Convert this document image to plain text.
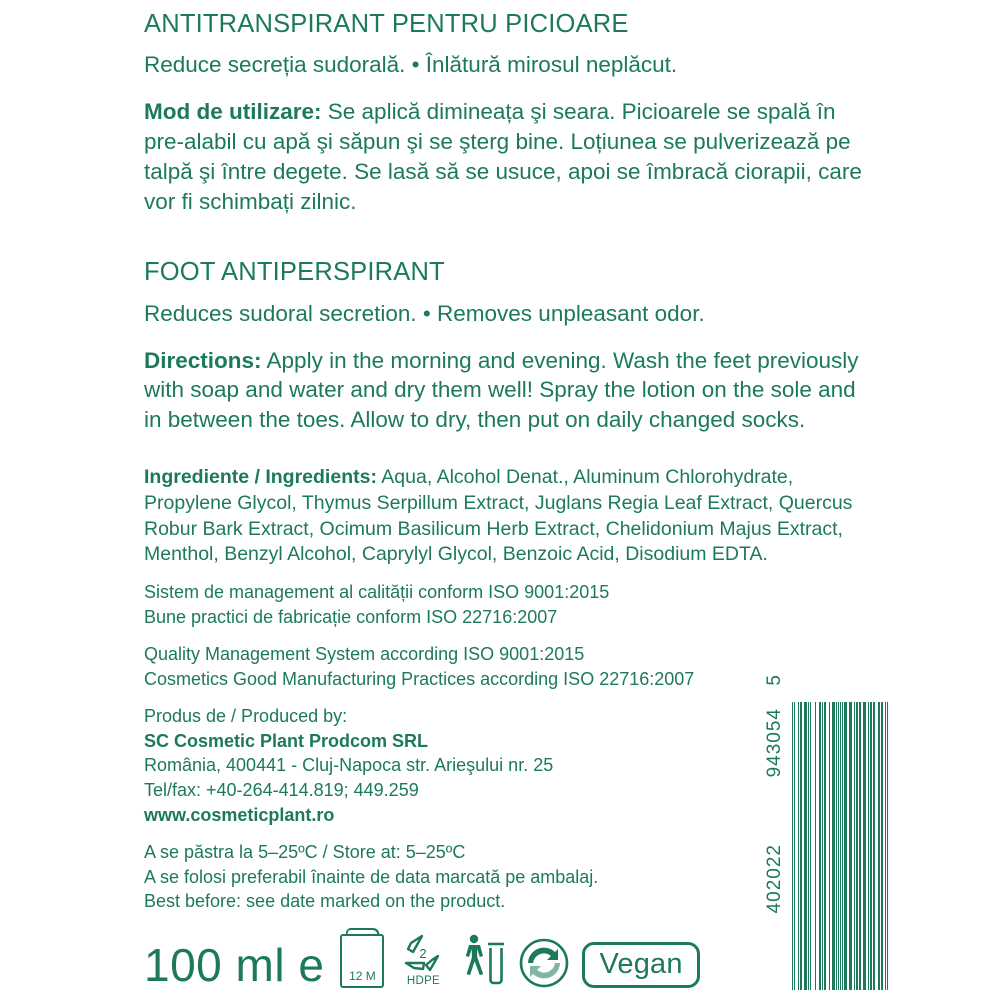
ANTITRANSPIRANT PENTRU PICIOARE

Reduce secreția sudorală. • Înlătură mirosul neplăcut.

Mod de utilizare: Se aplică dimineața şi seara. Picioarele se spală în pre-alabil cu apă şi săpun şi se şterg bine. Loțiunea se pulverizează pe talpă şi între degete. Se lasă să se usuce, apoi se îmbracă ciorapii, care vor fi schimbați zilnic.

FOOT ANTIPERSPIRANT

Reduces sudoral secretion. • Removes unpleasant odor.

Directions: Apply in the morning and evening. Wash the feet previously with soap and water and dry them well! Spray the lotion on the sole and in between the toes. Allow to dry, then put on daily changed socks.

Ingrediente / Ingredients: Aqua, Alcohol Denat., Aluminum Chlorohydrate, Propylene Glycol, Thymus Serpillum Extract, Juglans Regia Leaf Extract, Quercus Robur Bark Extract, Ocimum Basilicum Herb Extract, Chelidonium Majus Extract, Menthol, Benzyl Alcohol, Caprylyl Glycol, Benzoic Acid, Disodium EDTA.

Sistem de management al calității conform ISO 9001:2015
Bune practici de fabricație conform ISO 22716:2007

Quality Management System according ISO 9001:2015
Cosmetics Good Manufacturing Practices according ISO 22716:2007

Produs de / Produced by:
SC Cosmetic Plant Prodcom SRL
România, 400441 - Cluj-Napoca str. Arieşului nr. 25
Tel/fax: +40-264-414.819; 449.259
www.cosmeticplant.ro

A se păstra la 5–25ºC / Store at: 5–25ºC
A se folosi preferabil înainte de data marcată pe ambalaj.
Best before: see date marked on the product.

100 ml e 12 M
2
HDPE
Vegan
5
943054
402022
